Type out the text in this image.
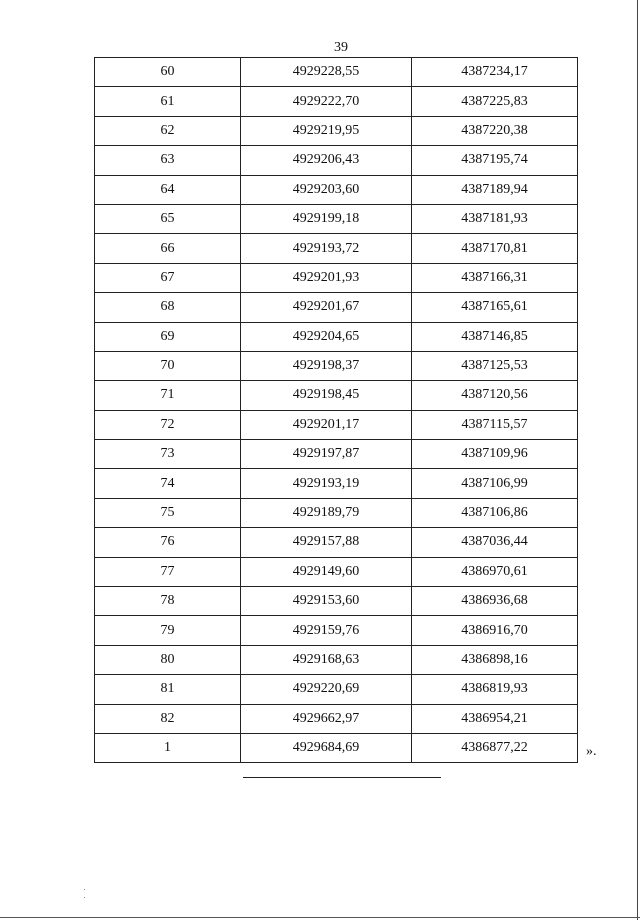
39
60	4929228,55	4387234,17
61	4929222,70	4387225,83
62	4929219,95	4387220,38
63	4929206,43	4387195,74
64	4929203,60	4387189,94
65	4929199,18	4387181,93
66	4929193,72	4387170,81
67	4929201,93	4387166,31
68	4929201,67	4387165,61
69	4929204,65	4387146,85
70	4929198,37	4387125,53
71	4929198,45	4387120,56
72	4929201,17	4387115,57
73	4929197,87	4387109,96
74	4929193,19	4387106,99
75	4929189,79	4387106,86
76	4929157,88	4387036,44
77	4929149,60	4386970,61
78	4929153,60	4386936,68
79	4929159,76	4386916,70
80	4929168,63	4386898,16
81	4929220,69	4386819,93
82	4929662,97	4386954,21
1	4929684,69	4386877,22	».
